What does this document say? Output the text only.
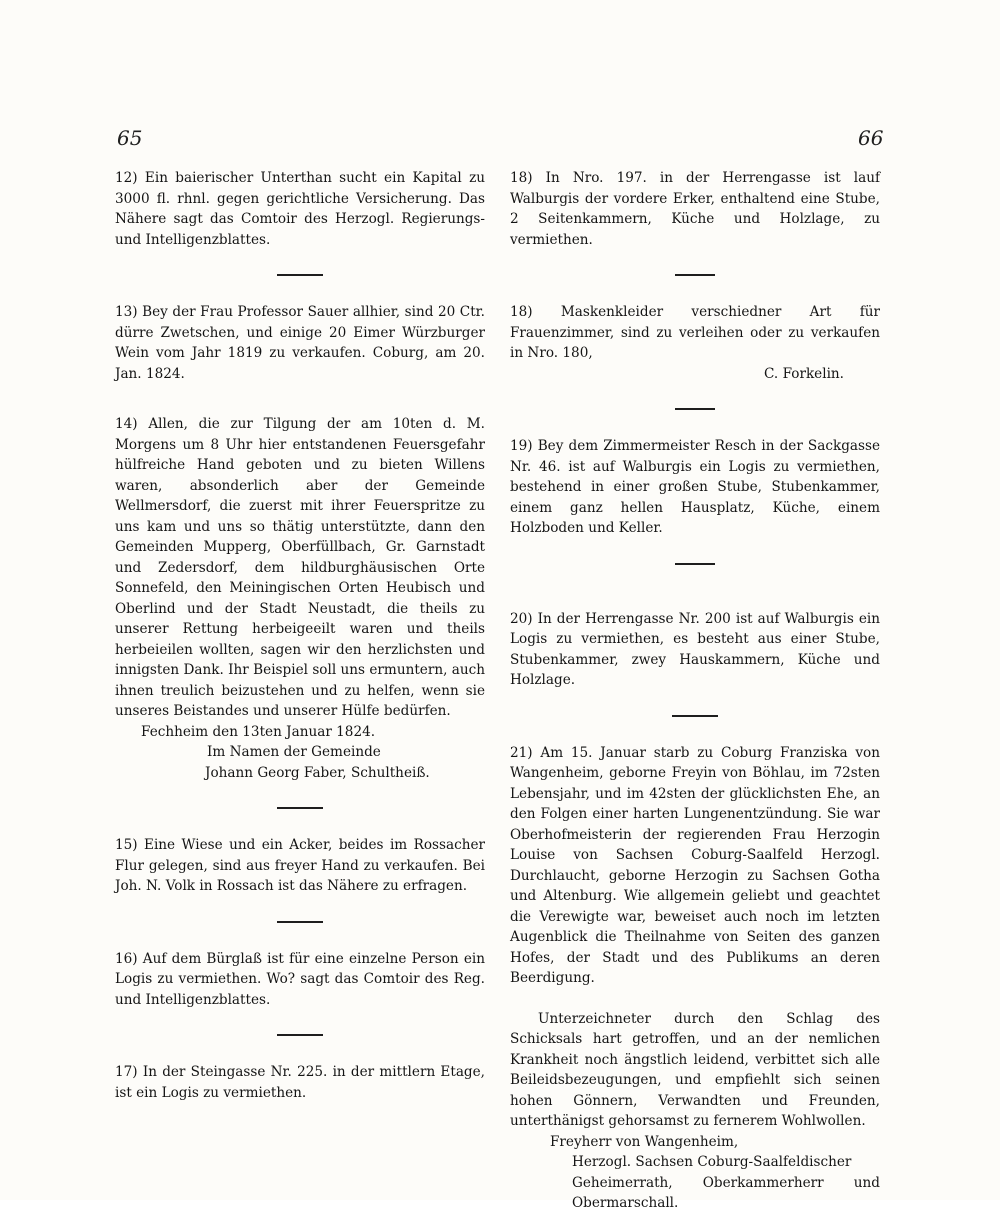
65	66

12) Ein baierischer Unterthan sucht ein Kapital zu 3000 fl. rhnl. gegen gerichtliche Versicherung. Das Nähere sagt das Comtoir des Herzogl. Regierungs- und Intelligenzblattes.

13) Bey der Frau Professor Sauer allhier, sind 20 Ctr. dürre Zwetschen, und einige 20 Eimer Würzburger Wein vom Jahr 1819 zu verkaufen. Coburg, am 20. Jan. 1824.

14) Allen, die zur Tilgung der am 10ten d. M. Morgens um 8 Uhr hier entstandenen Feuersgefahr hülfreiche Hand geboten und zu bieten Willens waren, absonderlich aber der Gemeinde Wellmersdorf, die zuerst mit ihrer Feuerspritze zu uns kam und uns so thätig unterstützte, dann den Gemeinden Mupperg, Oberfüllbach, Gr. Garnstadt und Zedersdorf, dem hildburghäusischen Orte Sonnefeld, den Meiningischen Orten Heubisch und Oberlind und der Stadt Neustadt, die theils zu unserer Rettung herbeigeeilt waren und theils herbeieilen wollten, sagen wir den herzlichsten und innigsten Dank. Ihr Beispiel soll uns ermuntern, auch ihnen treulich beizustehen und zu helfen, wenn sie unseres Beistandes und unserer Hülfe bedürfen.

Fechheim den 13ten Januar 1824.
Im Namen der Gemeinde
Johann Georg Faber, Schultheiß.

15) Eine Wiese und ein Acker, beides im Rossacher Flur gelegen, sind aus freyer Hand zu verkaufen. Bei Joh. N. Volk in Rossach ist das Nähere zu erfragen.

16) Auf dem Bürglaß ist für eine einzelne Person ein Logis zu vermiethen. Wo? sagt das Comtoir des Reg. und Intelligenzblattes.

17) In der Steingasse Nr. 225. in der mittlern Etage, ist ein Logis zu vermiethen.

18) In Nro. 197. in der Herrengasse ist lauf Walburgis der vordere Erker, enthaltend eine Stube, 2 Seitenkammern, Küche und Holzlage, zu vermiethen.

18) Maskenkleider verschiedner Art für Frauenzimmer, sind zu verleihen oder zu verkaufen in Nro. 180,

C. Forkelin.

19) Bey dem Zimmermeister Resch in der Sackgasse Nr. 46. ist auf Walburgis ein Logis zu vermiethen, bestehend in einer großen Stube, Stubenkammer, einem ganz hellen Hausplatz, Küche, einem Holzboden und Keller.

20) In der Herrengasse Nr. 200 ist auf Walburgis ein Logis zu vermiethen, es besteht aus einer Stube, Stubenkammer, zwey Hauskammern, Küche und Holzlage.

21) Am 15. Januar starb zu Coburg Franziska von Wangenheim, geborne Freyin von Böhlau, im 72sten Lebensjahr, und im 42sten der glücklichsten Ehe, an den Folgen einer harten Lungenentzündung. Sie war Oberhofmeisterin der regierenden Frau Herzogin Louise von Sachsen Coburg-Saalfeld Herzogl. Durchlaucht, geborne Herzogin zu Sachsen Gotha und Altenburg. Wie allgemein geliebt und geachtet die Verewigte war, beweiset auch noch im letzten Augenblick die Theilnahme von Seiten des ganzen Hofes, der Stadt und des Publikums an deren Beerdigung.

Unterzeichneter durch den Schlag des Schicksals hart getroffen, und an der nemlichen Krankheit noch ängstlich leidend, verbittet sich alle Beileidsbezeugungen, und empfiehlt sich seinen hohen Gönnern, Verwandten und Freunden, unterthänigst gehorsamst zu fernerem Wohlwollen.

Freyherr von Wangenheim,
Herzogl. Sachsen Coburg-Saalfeldischer
Geheimerrath, Oberkammerherr und Obermarschall.
